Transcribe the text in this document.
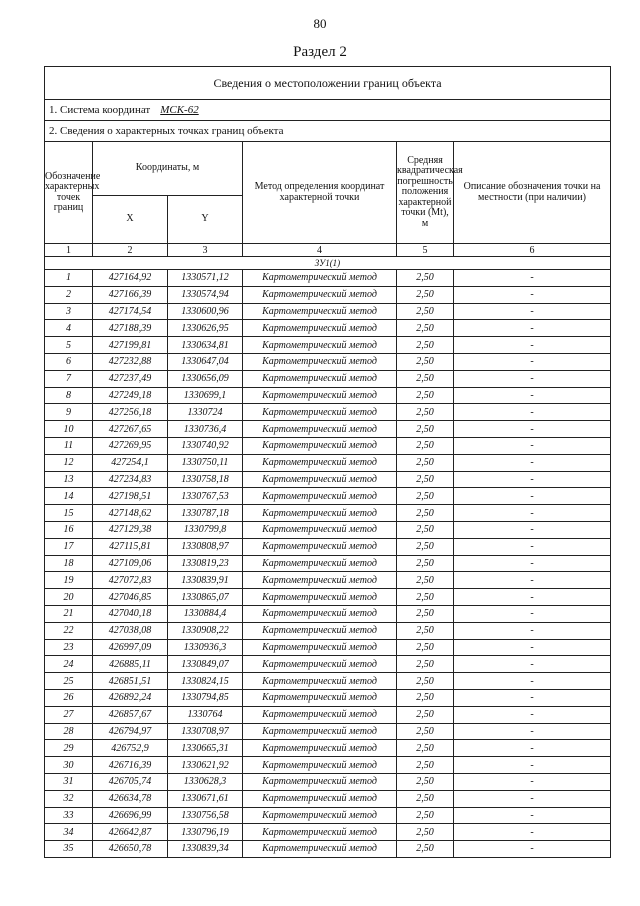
80
Раздел 2
Сведения о местоположении границ объекта					
1. Система координат МСК-62					
2. Сведения о характерных точках границ объекта					
Обозначение характерных точек границ	Координаты, м		Метод определения координат характерной точки	Средняя квадратическая погрешность положения характерной точки (Mt), м	Описание обозначения точки на местности (при наличии)
	X	Y			
1	2	3	4	5	6
ЗУ1(1)					
1	427164,92	1330571,12	Картометрический метод	2,50	-
2	427166,39	1330574,94	Картометрический метод	2,50	-
3	427174,54	1330600,96	Картометрический метод	2,50	-
4	427188,39	1330626,95	Картометрический метод	2,50	-
5	427199,81	1330634,81	Картометрический метод	2,50	-
6	427232,88	1330647,04	Картометрический метод	2,50	-
7	427237,49	1330656,09	Картометрический метод	2,50	-
8	427249,18	1330699,1	Картометрический метод	2,50	-
9	427256,18	1330724	Картометрический метод	2,50	-
10	427267,65	1330736,4	Картометрический метод	2,50	-
11	427269,95	1330740,92	Картометрический метод	2,50	-
12	427254,1	1330750,11	Картометрический метод	2,50	-
13	427234,83	1330758,18	Картометрический метод	2,50	-
14	427198,51	1330767,53	Картометрический метод	2,50	-
15	427148,62	1330787,18	Картометрический метод	2,50	-
16	427129,38	1330799,8	Картометрический метод	2,50	-
17	427115,81	1330808,97	Картометрический метод	2,50	-
18	427109,06	1330819,23	Картометрический метод	2,50	-
19	427072,83	1330839,91	Картометрический метод	2,50	-
20	427046,85	1330865,07	Картометрический метод	2,50	-
21	427040,18	1330884,4	Картометрический метод	2,50	-
22	427038,08	1330908,22	Картометрический метод	2,50	-
23	426997,09	1330936,3	Картометрический метод	2,50	-
24	426885,11	1330849,07	Картометрический метод	2,50	-
25	426851,51	1330824,15	Картометрический метод	2,50	-
26	426892,24	1330794,85	Картометрический метод	2,50	-
27	426857,67	1330764	Картометрический метод	2,50	-
28	426794,97	1330708,97	Картометрический метод	2,50	-
29	426752,9	1330665,31	Картометрический метод	2,50	-
30	426716,39	1330621,92	Картометрический метод	2,50	-
31	426705,74	1330628,3	Картометрический метод	2,50	-
32	426634,78	1330671,61	Картометрический метод	2,50	-
33	426696,99	1330756,58	Картометрический метод	2,50	-
34	426642,87	1330796,19	Картометрический метод	2,50	-
35	426650,78	1330839,34	Картометрический метод	2,50	-
